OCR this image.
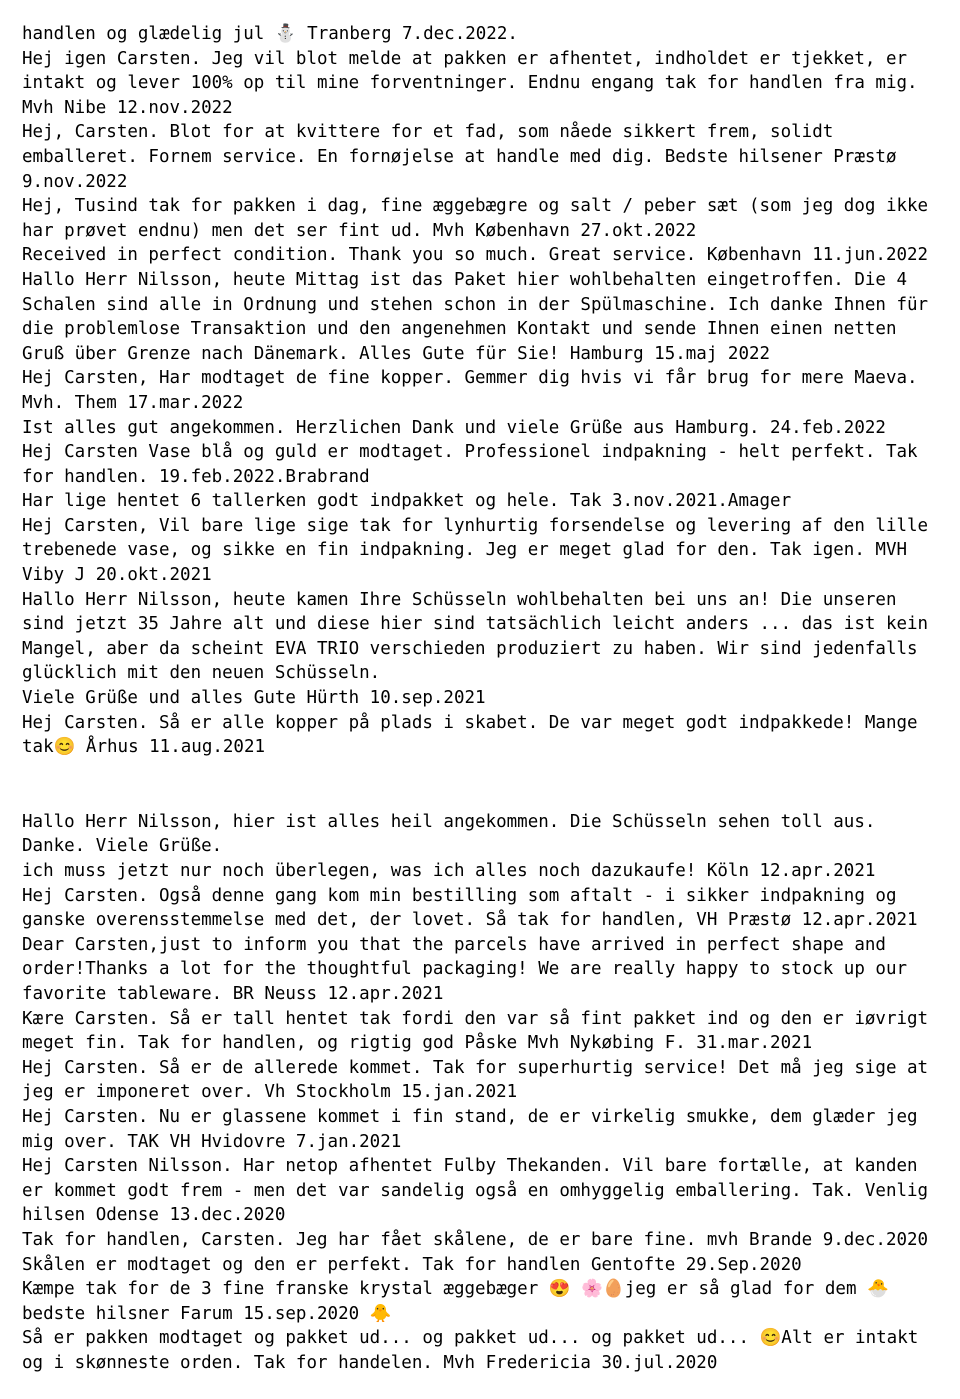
handlen og glædelig jul ⛄ Tranberg 7.dec.2022.

Hej igen Carsten. Jeg vil blot melde at pakken er afhentet, indholdet er tjekket, er intakt og lever 100% op til mine forventninger. Endnu engang tak for handlen fra mig. Mvh Nibe 12.nov.2022

Hej, Carsten. Blot for at kvittere for et fad, som nåede sikkert frem, solidt emballeret. Fornem service. En fornøjelse at handle med dig. Bedste hilsener Præstø 9.nov.2022

Hej, Tusind tak for pakken i dag, fine æggebægre og salt / peber sæt (som jeg dog ikke har prøvet endnu) men det ser fint ud. Mvh København 27.okt.2022

Received in perfect condition. Thank you so much. Great service. København 11.jun.2022

Hallo Herr Nilsson, heute Mittag ist das Paket hier wohlbehalten eingetroffen. Die 4 Schalen sind alle in Ordnung und stehen schon in der Spülmaschine. Ich danke Ihnen für die problemlose Transaktion und den angenehmen Kontakt und sende Ihnen einen netten Gruß über Grenze nach Dänemark. Alles Gute für Sie! Hamburg 15.maj 2022

Hej Carsten, Har modtaget de fine kopper. Gemmer dig hvis vi får brug for mere Maeva. Mvh. Them 17.mar.2022

Ist alles gut angekommen. Herzlichen Dank und viele Grüße aus Hamburg. 24.feb.2022

Hej Carsten Vase blå og guld er modtaget. Professionel indpakning - helt perfekt. Tak for handlen. 19.feb.2022.Brabrand

Har lige hentet 6 tallerken godt indpakket og hele. Tak 3.nov.2021.Amager

Hej Carsten, Vil bare lige sige tak for lynhurtig forsendelse og levering af den lille trebenede vase, og sikke en fin indpakning. Jeg er meget glad for den. Tak igen. MVH Viby J 20.okt.2021

Hallo Herr Nilsson, heute kamen Ihre Schüsseln wohlbehalten bei uns an! Die unseren sind jetzt 35 Jahre alt und diese hier sind tatsächlich leicht anders ... das ist kein Mangel, aber da scheint EVA TRIO verschieden produziert zu haben. Wir sind jedenfalls glücklich mit den neuen Schüsseln.

Viele Grüße und alles Gute Hürth 10.sep.2021

Hej Carsten. Så er alle kopper på plads i skabet. De var meget godt indpakkede! Mange tak😊 Århus 11.aug.2021

Hallo Herr Nilsson, hier ist alles heil angekommen. Die Schüsseln sehen toll aus. Danke. Viele Grüße.

ich muss jetzt nur noch überlegen, was ich alles noch dazukaufe! Köln 12.apr.2021

Hej Carsten. Også denne gang kom min bestilling som aftalt - i sikker indpakning og ganske overensstemmelse med det, der lovet. Så tak for handlen, VH Præstø 12.apr.2021

Dear Carsten,just to inform you that the parcels have arrived in perfect shape and order!Thanks a lot for the thoughtful packaging! We are really happy to stock up our favorite tableware. BR Neuss 12.apr.2021

Kære Carsten. Så er tall hentet tak fordi den var så fint pakket ind og den er iøvrigt meget fin. Tak for handlen, og rigtig god Påske Mvh Nykøbing F. 31.mar.2021

Hej Carsten. Så er de allerede kommet. Tak for superhurtig service! Det må jeg sige at jeg er imponeret over. Vh Stockholm 15.jan.2021

Hej Carsten. Nu er glassene kommet i fin stand, de er virkelig smukke, dem glæder jeg mig over. TAK VH Hvidovre 7.jan.2021

Hej Carsten Nilsson. Har netop afhentet Fulby Thekanden. Vil bare fortælle, at kanden er kommet godt frem - men det var sandelig også en omhyggelig emballering. Tak. Venlig hilsen Odense 13.dec.2020

Tak for handlen, Carsten. Jeg har fået skålene, de er bare fine. mvh Brande 9.dec.2020

Skålen er modtaget og den er perfekt. Tak for handlen Gentofte 29.Sep.2020

Kæmpe tak for de 3 fine franske krystal æggebæger 😍 🌸🥚jeg er så glad for dem 🐣 bedste hilsner Farum 15.sep.2020 🐥

Så er pakken modtaget og pakket ud... og pakket ud... og pakket ud... 😊Alt er intakt og i skønneste orden. Tak for handelen. Mvh Fredericia 30.jul.2020
